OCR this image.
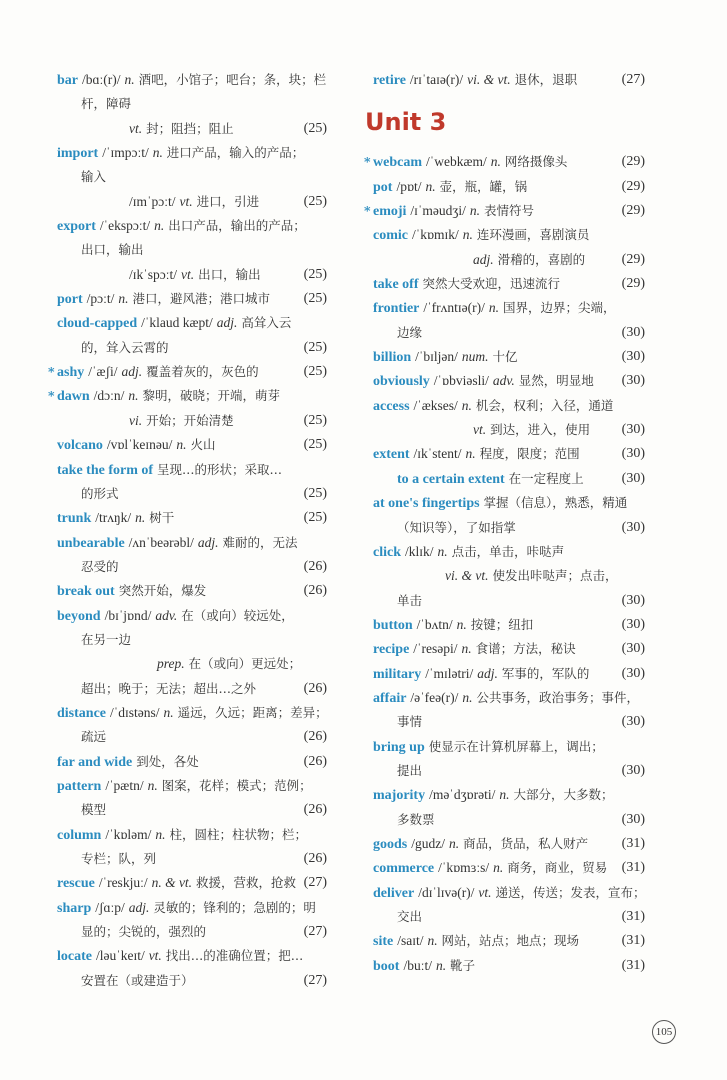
bar /bɑː(r)/ n. 酒吧，小馆子；吧台；条，块；栏
杆，障碍
vt. 封；阻挡；阻止	(25)
import /ˈɪmpɔːt/ n. 进口产品，输入的产品；
输入
/ɪmˈpɔːt/ vt. 进口，引进	(25)
export /ˈekspɔːt/ n. 出口产品，输出的产品；
出口，输出
/ɪkˈspɔːt/ vt. 出口，输出	(25)
port /pɔːt/ n. 港口，避风港；港口城市 (25)
cloud-capped /ˈklaud kæpt/ adj. 高耸入云
的，耸入云霄的	(25)
* ashy /ˈæʃi/ adj. 覆盖着灰的，灰色的	(25)
* dawn /dɔːn/ n. 黎明，破晓；开端，萌芽
vi. 开始；开始清楚	(25)
volcano /vɒlˈkeɪnəu/ n. 火山	(25)
take the form of 呈现…的形状；采取…
的形式	(25)
trunk /trʌŋk/ n. 树干	(25)
unbearable /ʌnˈbeərəbl/ adj. 难耐的，无法
忍受的	(26)
break out 突然开始，爆发	(26)
beyond /bɪˈjɒnd/ adv. 在（或向）较远处，
在另一边
prep. 在（或向）更远处；
超出；晚于；无法；超出…之外	(26)
distance /ˈdɪstəns/ n. 遥远，久远；距离；差异；
疏远	(26)
far and wide 到处，各处	(26)
pattern /ˈpætn/ n. 图案，花样；模式；范例；
模型	(26)
column /ˈkɒləm/ n. 柱，圆柱；柱状物；栏；
专栏；队，列	(26)
rescue /ˈreskjuː/ n. & vt. 救援，营救，抢救 (27)
sharp /ʃɑːp/ adj. 灵敏的；锋利的；急剧的；明
显的；尖锐的，强烈的	(27)
locate /ləuˈkeɪt/ vt. 找出…的准确位置；把…
安置在（或建造于）	(27)
retire /rɪˈtaɪə(r)/ vi. & vt. 退休，退职	(27)
Unit 3
* webcam /ˈwebkæm/ n. 网络摄像头	(29)
pot /pɒt/ n. 壶，瓶，罐，锅	(29)
* emoji /ɪˈməudʒi/ n. 表情符号	(29)
comic /ˈkɒmɪk/ n. 连环漫画，喜剧演员
adj. 滑稽的，喜剧的	(29)
take off 突然大受欢迎，迅速流行	(29)
frontier /ˈfrʌntɪə(r)/ n. 国界，边界；尖端，
边缘	(30)
billion /ˈbɪljən/ num. 十亿	(30)
obviously /ˈɒbviəsli/ adv. 显然，明显地 (30)
access /ˈækses/ n. 机会，权利；入径，通道
vt. 到达，进入，使用 (30)
extent /ɪkˈstent/ n. 程度，限度；范围	(30)
to a certain extent 在一定程度上	(30)
at one's fingertips 掌握（信息），熟悉，精通
（知识等），了如指掌	(30)
click /klɪk/ n. 点击，单击，咔哒声
vi. & vt. 使发出咔哒声；点击，
单击	(30)
button /ˈbʌtn/ n. 按键；纽扣	(30)
recipe /ˈresəpi/ n. 食谱；方法，秘诀	(30)
military /ˈmɪlətri/ adj. 军事的，军队的 (30)
affair /əˈfeə(r)/ n. 公共事务，政治事务；事件，
事情	(30)
bring up 使显示在计算机屏幕上，调出；
提出	(30)
majority /məˈdʒɒrəti/ n. 大部分，大多数；
多数票	(30)
goods /gudz/ n. 商品，货品，私人财产 (31)
commerce /ˈkɒmɜːs/ n. 商务，商业，贸易 (31)
deliver /dɪˈlɪvə(r)/ vt. 递送，传送；发表，宣布；
交出	(31)
site /saɪt/ n. 网站，站点；地点；现场	(31)
boot /buːt/ n. 靴子	(31)
105
